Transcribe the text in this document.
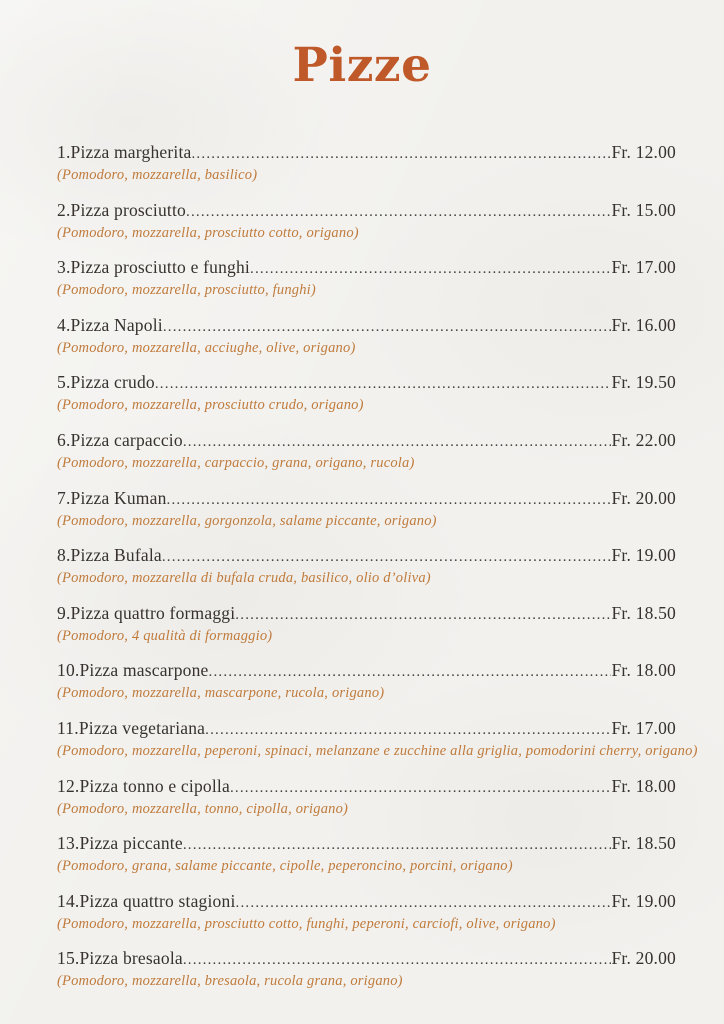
Pizze
1.Pizza margherita .....	Fr. 12.00
(Pomodoro, mozzarella, basilico)
2.Pizza prosciutto .....	Fr. 15.00
(Pomodoro, mozzarella, prosciutto cotto, origano)
3.Pizza prosciutto e funghi .....	Fr. 17.00
(Pomodoro, mozzarella, prosciutto, funghi)
4.Pizza Napoli .....	Fr. 16.00
(Pomodoro, mozzarella, acciughe, olive, origano)
5.Pizza crudo .....	Fr. 19.50
(Pomodoro, mozzarella, prosciutto crudo, origano)
6.Pizza carpaccio .....	Fr. 22.00
(Pomodoro, mozzarella, carpaccio, grana, origano, rucola)
7.Pizza Kuman .....	Fr. 20.00
(Pomodoro, mozzarella, gorgonzola, salame piccante, origano)
8.Pizza Bufala .....	Fr. 19.00
(Pomodoro, mozzarella di bufala cruda, basilico, olio d’oliva)
9.Pizza quattro formaggi .....	Fr. 18.50
(Pomodoro, 4 qualità di formaggio)
10.Pizza mascarpone .....	Fr. 18.00
(Pomodoro, mozzarella, mascarpone, rucola, origano)
11.Pizza vegetariana .....	Fr. 17.00
(Pomodoro, mozzarella, peperoni, spinaci, melanzane e zucchine alla griglia, pomodorini cherry, origano)
12.Pizza tonno e cipolla .....	Fr. 18.00
(Pomodoro, mozzarella, tonno, cipolla, origano)
13.Pizza piccante .....	Fr. 18.50
(Pomodoro, grana, salame piccante, cipolle, peperoncino, porcini, origano)
14.Pizza quattro stagioni .....	Fr. 19.00
(Pomodoro, mozzarella, prosciutto cotto, funghi, peperoni, carciofi, olive, origano)
15.Pizza bresaola .....	Fr. 20.00
(Pomodoro, mozzarella, bresaola, rucola grana, origano)
